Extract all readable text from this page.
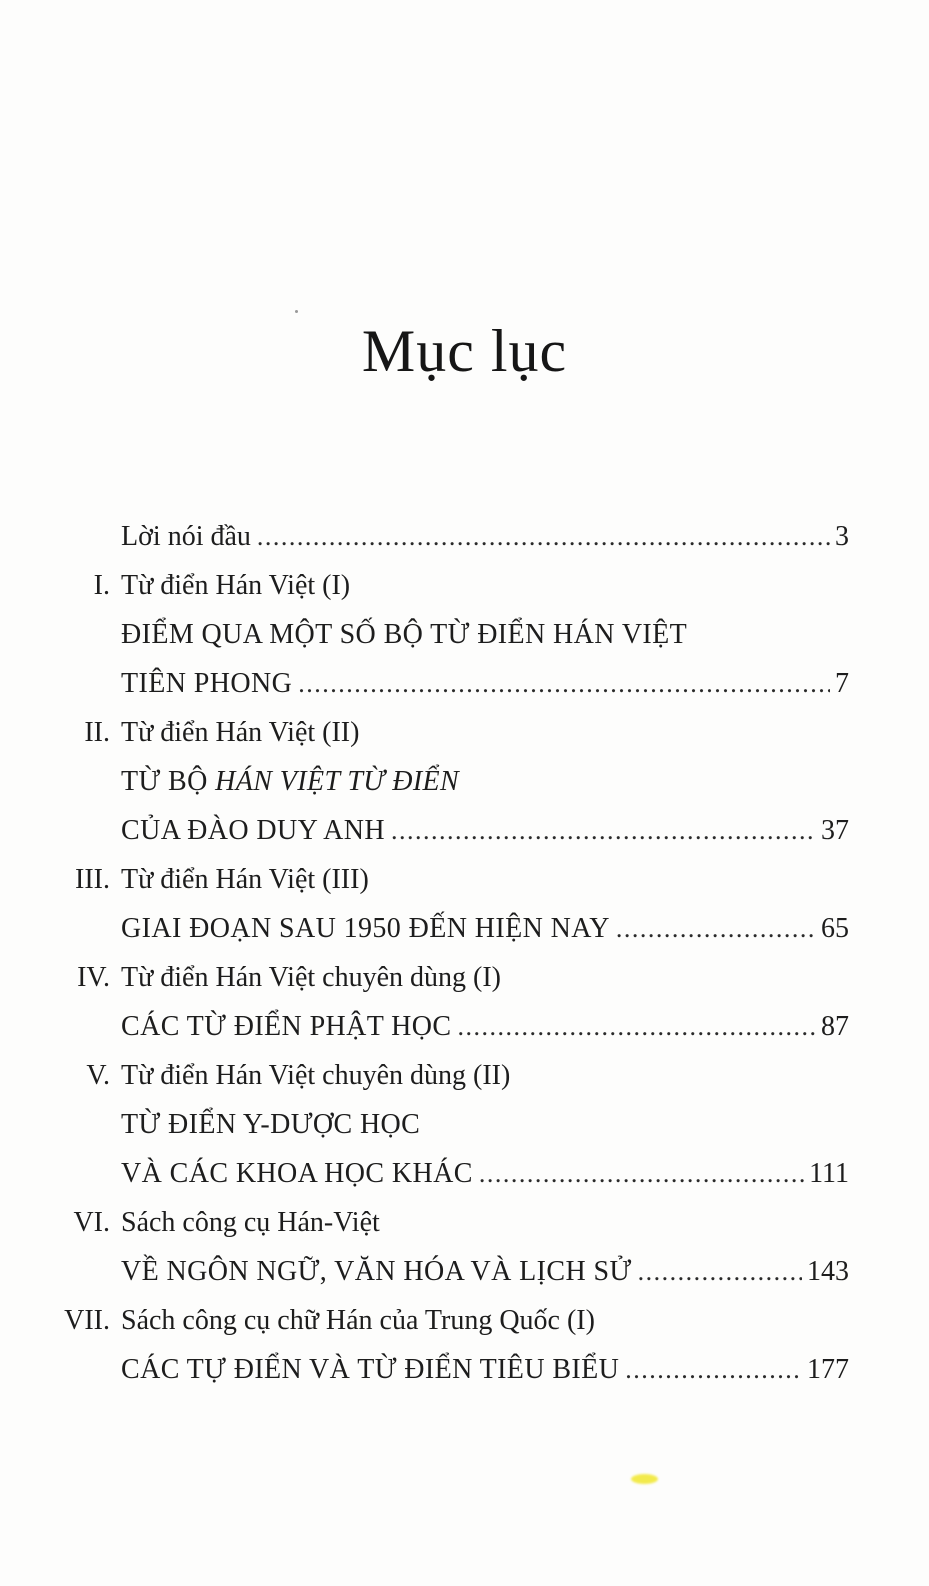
Mục lục
Lời nói đầu .....	3
I. Từ điển Hán Việt (I)
ĐIỂM QUA MỘT SỐ BỘ TỪ ĐIỂN HÁN VIỆT
TIÊN PHONG .....	7
II. Từ điển Hán Việt (II)
TỪ BỘ HÁN VIỆT TỪ ĐIỂN
CỦA ĐÀO DUY ANH .....	37
III. Từ điển Hán Việt (III)
GIAI ĐOẠN SAU 1950 ĐẾN HIỆN NAY .....	65
IV. Từ điển Hán Việt chuyên dùng (I)
CÁC TỪ ĐIỂN PHẬT HỌC .....	87
V. Từ điển Hán Việt chuyên dùng (II)
TỪ ĐIỂN Y-DƯỢC HỌC
VÀ CÁC KHOA HỌC KHÁC .....	111
VI. Sách công cụ Hán-Việt
VỀ NGÔN NGỮ, VĂN HÓA VÀ LỊCH SỬ .....	143
VII. Sách công cụ chữ Hán của Trung Quốc (I)
CÁC TỰ ĐIỂN VÀ TỪ ĐIỂN TIÊU BIỂU .....	177
